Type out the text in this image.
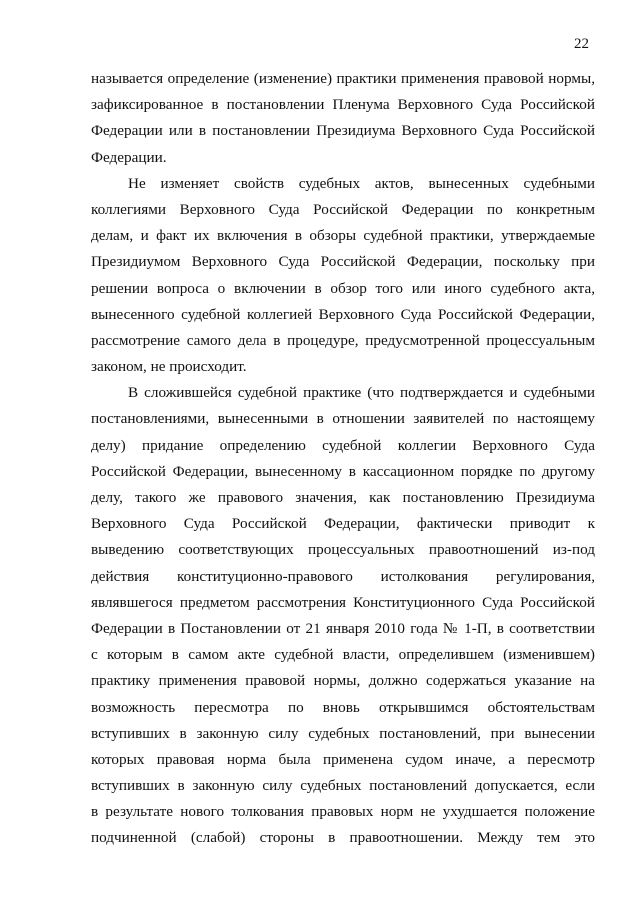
22
называется определение (изменение) практики применения правовой нормы,
зафиксированное в постановлении Пленума Верховного Суда Российской
Федерации или в постановлении Президиума Верховного Суда Российской
Федерации.
Не изменяет свойств судебных актов, вынесенных судебными
коллегиями Верховного Суда Российской Федерации по конкретным
делам, и факт их включения в обзоры судебной практики, утверждаемые
Президиумом Верховного Суда Российской Федерации, поскольку при
решении вопроса о включении в обзор того или иного судебного акта,
вынесенного судебной коллегией Верховного Суда Российской Федерации,
рассмотрение самого дела в процедуре, предусмотренной процессуальным
законом, не происходит.
В сложившейся судебной практике (что подтверждается и судебными
постановлениями, вынесенными в отношении заявителей по настоящему
делу) придание определению судебной коллегии Верховного Суда
Российской Федерации, вынесенному в кассационном порядке по другому
делу, такого же правового значения, как постановлению Президиума
Верховного Суда Российской Федерации, фактически приводит к
выведению соответствующих процессуальных правоотношений из-под
действия конституционно-правового истолкования регулирования,
являвшегося предметом рассмотрения Конституционного Суда Российской
Федерации в Постановлении от 21 января 2010 года № 1-П, в соответствии
с которым в самом акте судебной власти, определившем (изменившем)
практику применения правовой нормы, должно содержаться указание на
возможность пересмотра по вновь открывшимся обстоятельствам
вступивших в законную силу судебных постановлений, при вынесении
которых правовая норма была применена судом иначе, а пересмотр
вступивших в законную силу судебных постановлений допускается, если
в результате нового толкования правовых норм не ухудшается положение
подчиненной (слабой) стороны в правоотношении. Между тем это
